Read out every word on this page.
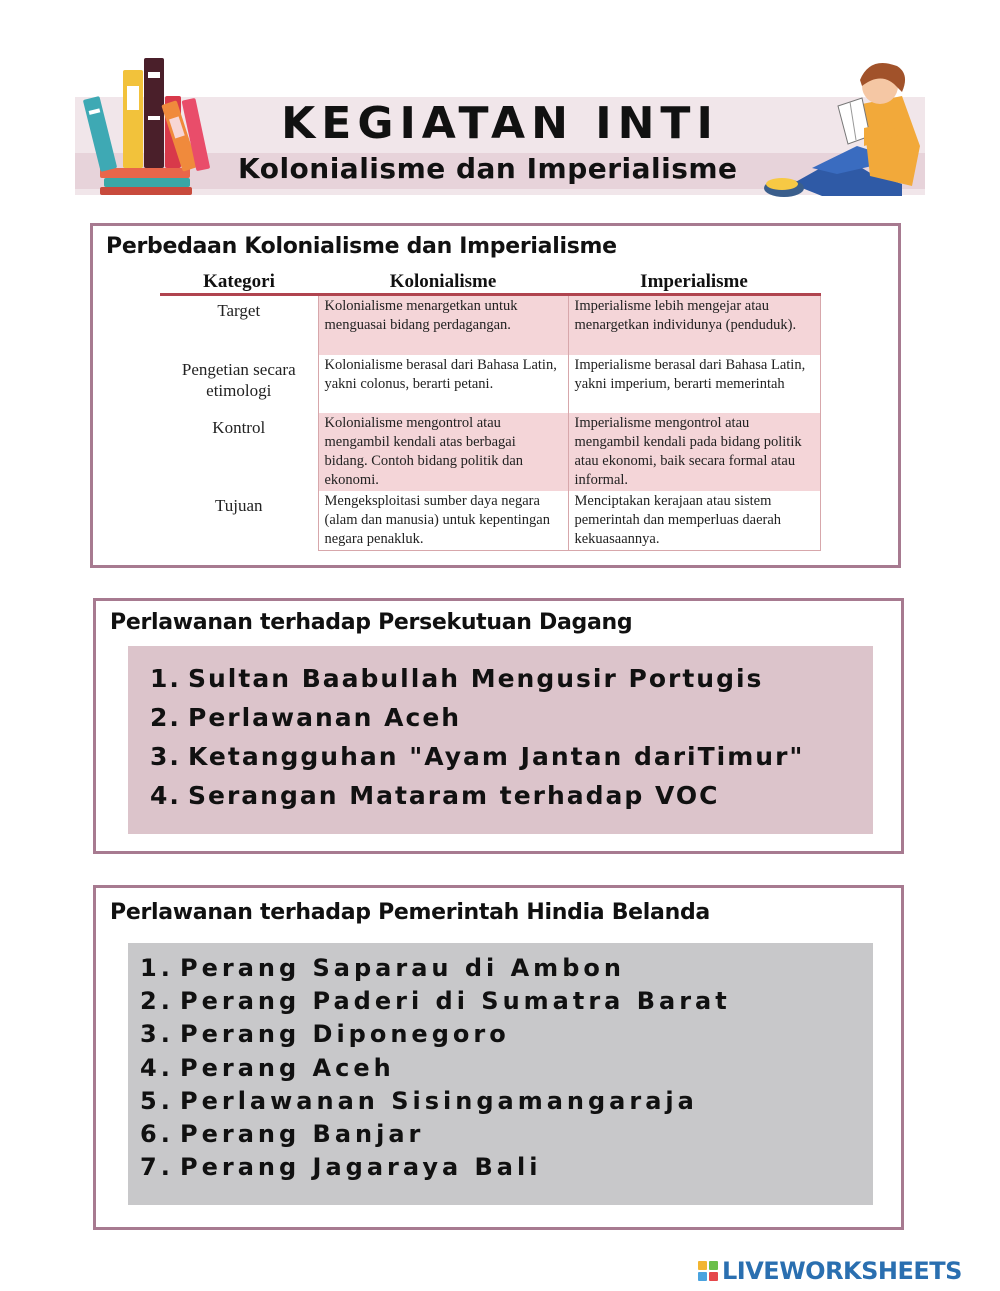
KEGIATAN INTI
Kolonialisme dan Imperialisme
Perbedaan Kolonialisme dan Imperialisme
Kategori	Kolonialisme	Imperialisme
Target	Kolonialisme menargetkan untuk menguasai bidang perdagangan.	Imperialisme lebih mengejar atau menargetkan individunya (penduduk).
Pengetian secara etimologi	Kolonialisme berasal dari Bahasa Latin, yakni colonus, berarti petani.	Imperialisme berasal dari Bahasa Latin, yakni imperium, berarti memerintah
Kontrol	Kolonialisme mengontrol atau mengambil kendali atas berbagai bidang. Contoh bidang politik dan ekonomi.	Imperialisme mengontrol atau mengambil kendali pada bidang politik atau ekonomi, baik secara formal atau informal.
Tujuan	Mengeksploitasi sumber daya negara (alam dan manusia) untuk kepentingan negara penakluk.	Menciptakan kerajaan atau sistem pemerintah dan memperluas daerah kekuasaannya.
Perlawanan terhadap Persekutuan Dagang
1. Sultan Baabullah Mengusir Portugis
2. Perlawanan Aceh
3. Ketangguhan "Ayam Jantan dariTimur"
4. Serangan Mataram terhadap VOC
Perlawanan terhadap Pemerintah Hindia Belanda
1. Perang Saparau di Ambon
2. Perang Paderi di Sumatra Barat
3. Perang Diponegoro
4. Perang Aceh
5. Perlawanan Sisingamangaraja
6. Perang Banjar
7. Perang Jagaraya Bali
LIVEWORKSHEETS
